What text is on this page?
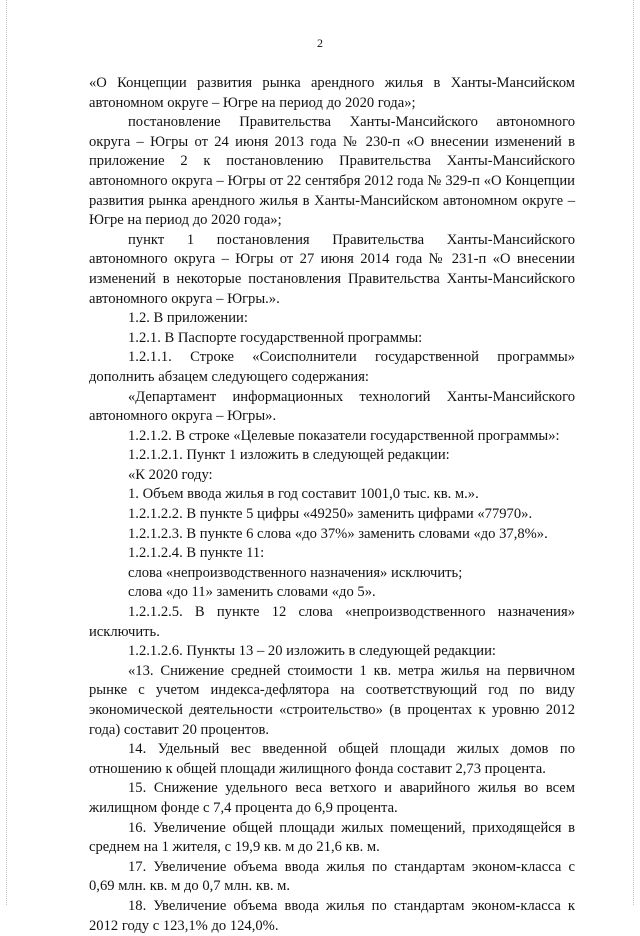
2

«О Концепции развития рынка арендного жилья в Ханты-Мансийском автономном округе – Югре на период до 2020 года»;

постановление Правительства Ханты-Мансийского автономного округа – Югры от 24 июня 2013 года № 230-п «О внесении изменений в приложение 2 к постановлению Правительства Ханты-Мансийского автономного округа – Югры от 22 сентября 2012 года № 329-п «О Концепции развития рынка арендного жилья в Ханты-Мансийском автономном округе – Югре на период до 2020 года»;

пункт 1 постановления Правительства Ханты-Мансийского автономного округа – Югры от 27 июня 2014 года № 231-п «О внесении изменений в некоторые постановления Правительства Ханты-Мансийского автономного округа – Югры.».

1.2. В приложении:

1.2.1. В Паспорте государственной программы:

1.2.1.1. Строке «Соисполнители государственной программы» дополнить абзацем следующего содержания:

«Департамент информационных технологий Ханты-Мансийского автономного округа – Югры».

1.2.1.2. В строке «Целевые показатели государственной программы»:

1.2.1.2.1. Пункт 1 изложить в следующей редакции:

«К 2020 году:

1. Объем ввода жилья в год составит 1001,0 тыс. кв. м.».

1.2.1.2.2. В пункте 5 цифры «49250» заменить цифрами «77970».

1.2.1.2.3. В пункте 6 слова «до 37%» заменить словами «до 37,8%».

1.2.1.2.4. В пункте 11:

слова «непроизводственного назначения» исключить;

слова «до 11» заменить словами «до 5».

1.2.1.2.5. В пункте 12 слова «непроизводственного назначения» исключить.

1.2.1.2.6. Пункты 13 – 20 изложить в следующей редакции:

«13. Снижение средней стоимости 1 кв. метра жилья на первичном рынке с учетом индекса-дефлятора на соответствующий год по виду экономической деятельности «строительство» (в процентах к уровню 2012 года) составит 20 процентов.

14. Удельный вес введенной общей площади жилых домов по отношению к общей площади жилищного фонда составит 2,73 процента.

15. Снижение удельного веса ветхого и аварийного жилья во всем жилищном фонде с 7,4 процента до 6,9 процента.

16. Увеличение общей площади жилых помещений, приходящейся в среднем на 1 жителя, с 19,9 кв. м до 21,6 кв. м.

17. Увеличение объема ввода жилья по стандартам эконом-класса с 0,69 млн. кв. м до 0,7 млн. кв. м.

18. Увеличение объема ввода жилья по стандартам эконом-класса к 2012 году с 123,1% до 124,0%.
